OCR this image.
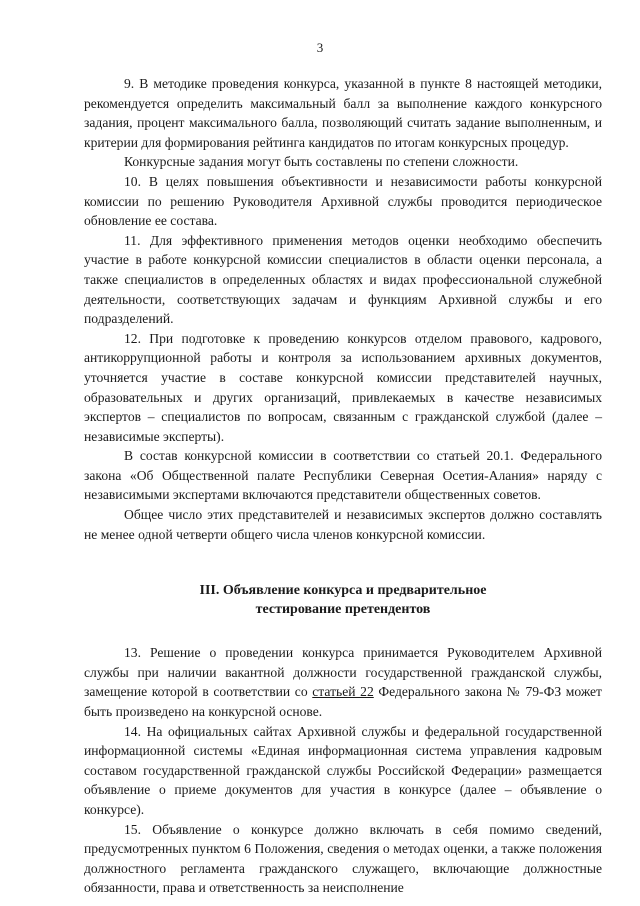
3

9. В методике проведения конкурса, указанной в пункте 8 настоящей методики, рекомендуется определить максимальный балл за выполнение каждого конкурсного задания, процент максимального балла, позволяющий считать задание выполненным, и критерии для формирования рейтинга кандидатов по итогам конкурсных процедур.

Конкурсные задания могут быть составлены по степени сложности.

10. В целях повышения объективности и независимости работы конкурсной комиссии по решению Руководителя Архивной службы проводится периодическое обновление ее состава.

11. Для эффективного применения методов оценки необходимо обеспечить участие в работе конкурсной комиссии специалистов в области оценки персонала, а также специалистов в определенных областях и видах профессиональной служебной деятельности, соответствующих задачам и функциям Архивной службы и его подразделений.

12. При подготовке к проведению конкурсов отделом правового, кадрового, антикоррупционной работы и контроля за использованием архивных документов, уточняется участие в составе конкурсной комиссии представителей научных, образовательных и других организаций, привлекаемых в качестве независимых экспертов – специалистов по вопросам, связанным с гражданской службой (далее – независимые эксперты).

В состав конкурсной комиссии в соответствии со статьей 20.1. Федерального закона «Об Общественной палате Республики Северная Осетия-Алания» наряду с независимыми экспертами включаются представители общественных советов.

Общее число этих представителей и независимых экспертов должно составлять не менее одной четверти общего числа членов конкурсной комиссии.

III. Объявление конкурса и предварительное

тестирование претендентов

13. Решение о проведении конкурса принимается Руководителем Архивной службы при наличии вакантной должности государственной гражданской службы, замещение которой в соответствии со статьей 22 Федерального закона № 79-ФЗ может быть произведено на конкурсной основе.

14. На официальных сайтах Архивной службы и федеральной государственной информационной системы «Единая информационная система управления кадровым составом государственной гражданской службы Российской Федерации» размещается объявление о приеме документов для участия в конкурсе (далее – объявление о конкурсе).

15. Объявление о конкурсе должно включать в себя помимо сведений, предусмотренных пунктом 6 Положения, сведения о методах оценки, а также положения должностного регламента гражданского служащего, включающие должностные обязанности, права и ответственность за неисполнение
